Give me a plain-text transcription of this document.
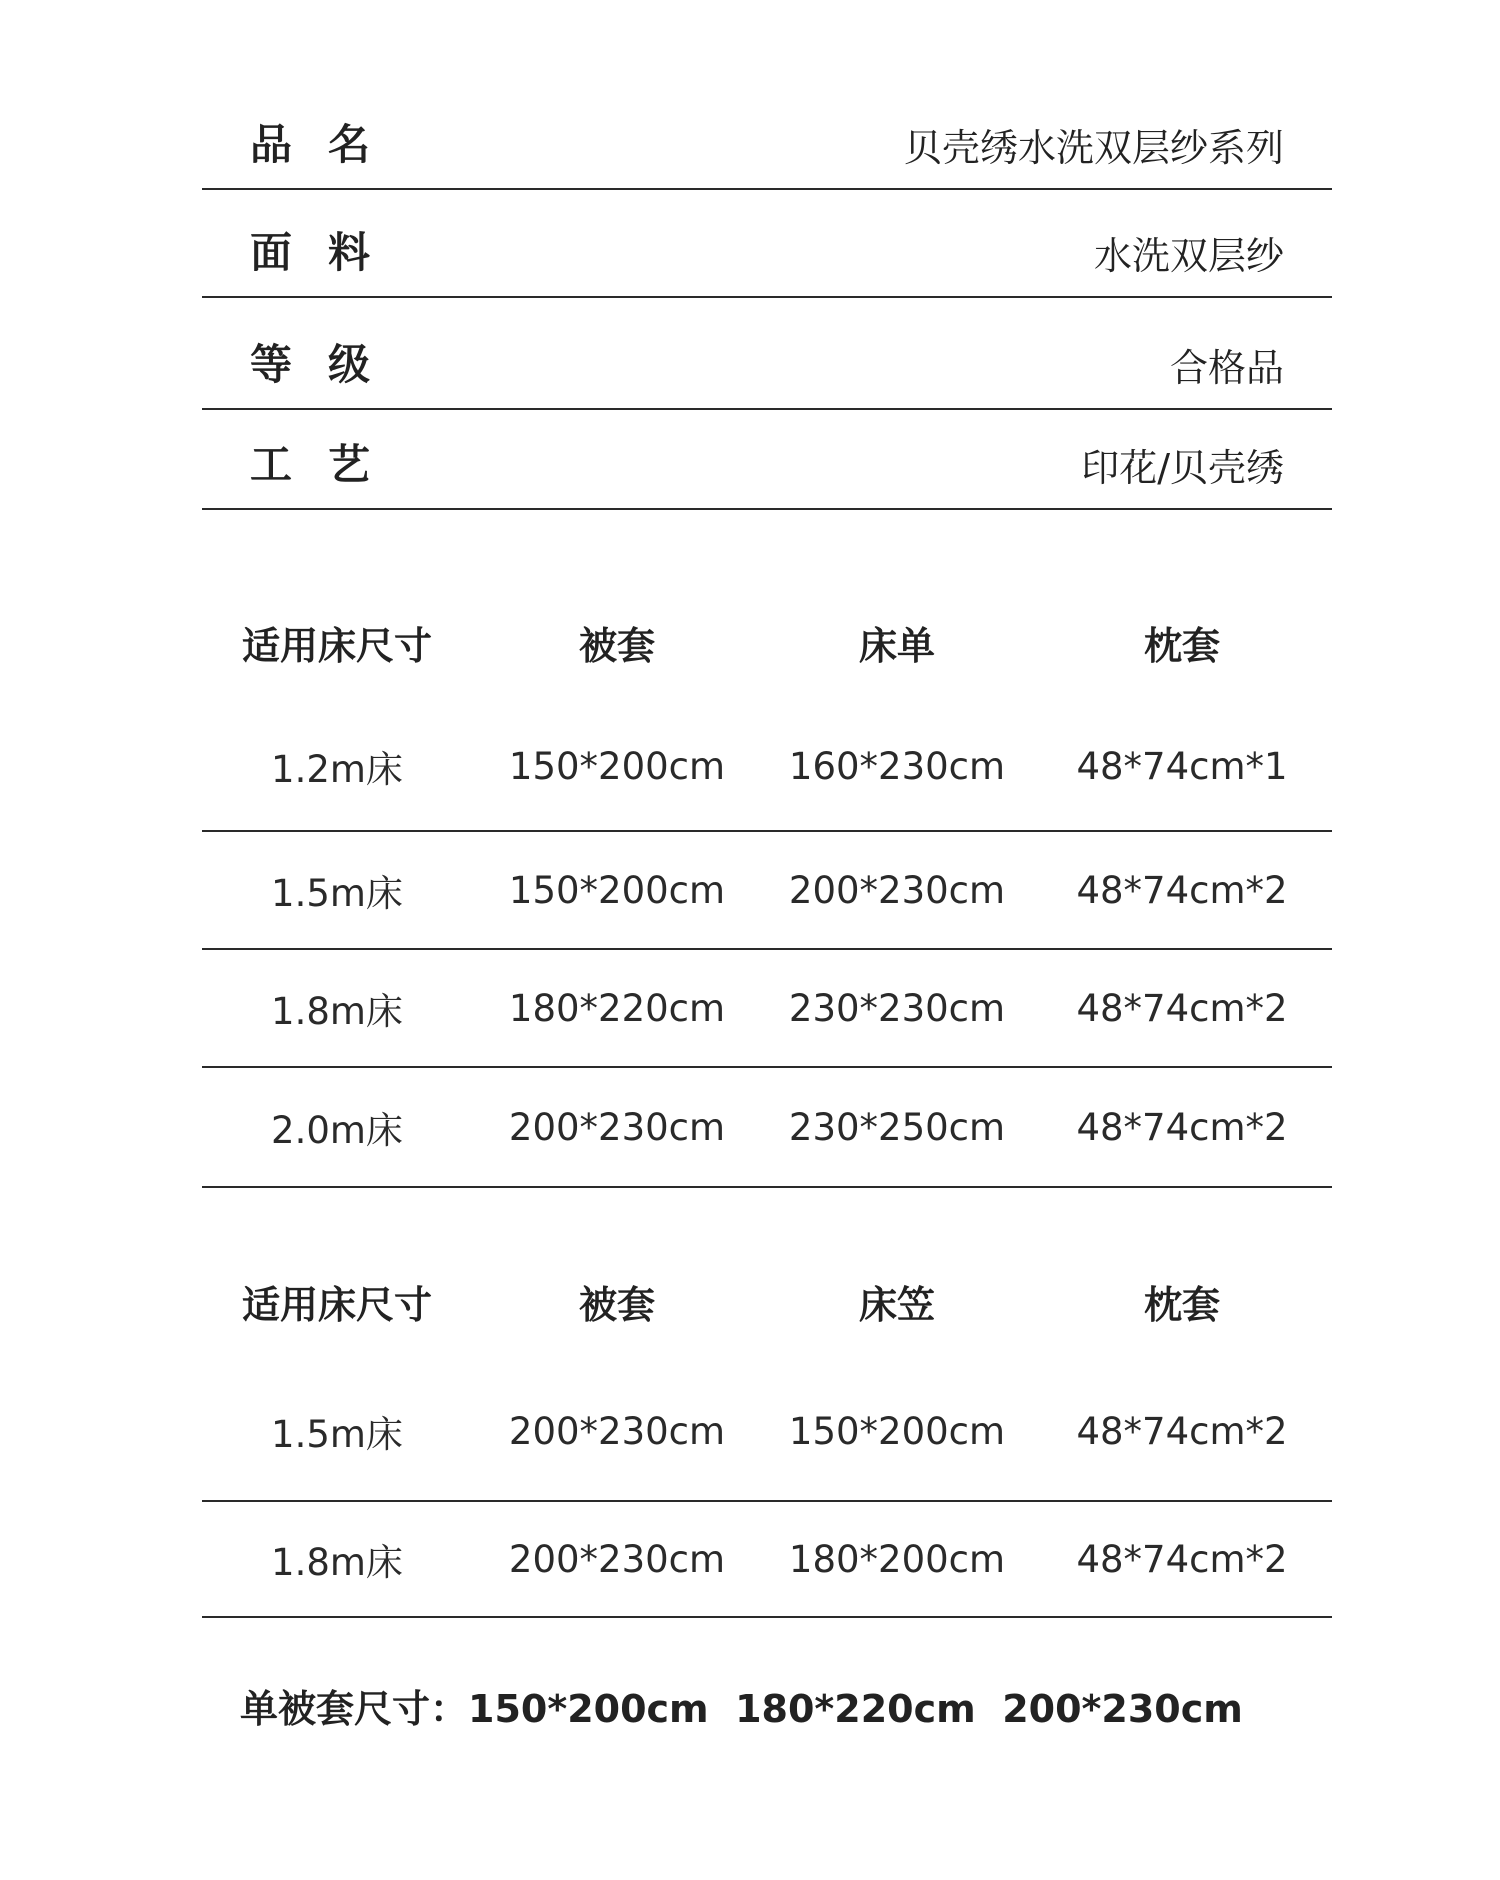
品名	贝壳绣水洗双层纱系列
面料	水洗双层纱
等级	合格品
工艺	印花/贝壳绣
适用床尺寸	被套	床单	枕套
1.2m床	150*200cm	160*230cm	48*74cm*1
1.5m床	150*200cm	200*230cm	48*74cm*2
1.8m床	180*220cm	230*230cm	48*74cm*2
2.0m床	200*230cm	230*250cm	48*74cm*2
适用床尺寸	被套	床笠	枕套
1.5m床	200*230cm	150*200cm	48*74cm*2
1.8m床	200*230cm	180*200cm	48*74cm*2
单被套尺寸：150*200cm  180*220cm  200*230cm
